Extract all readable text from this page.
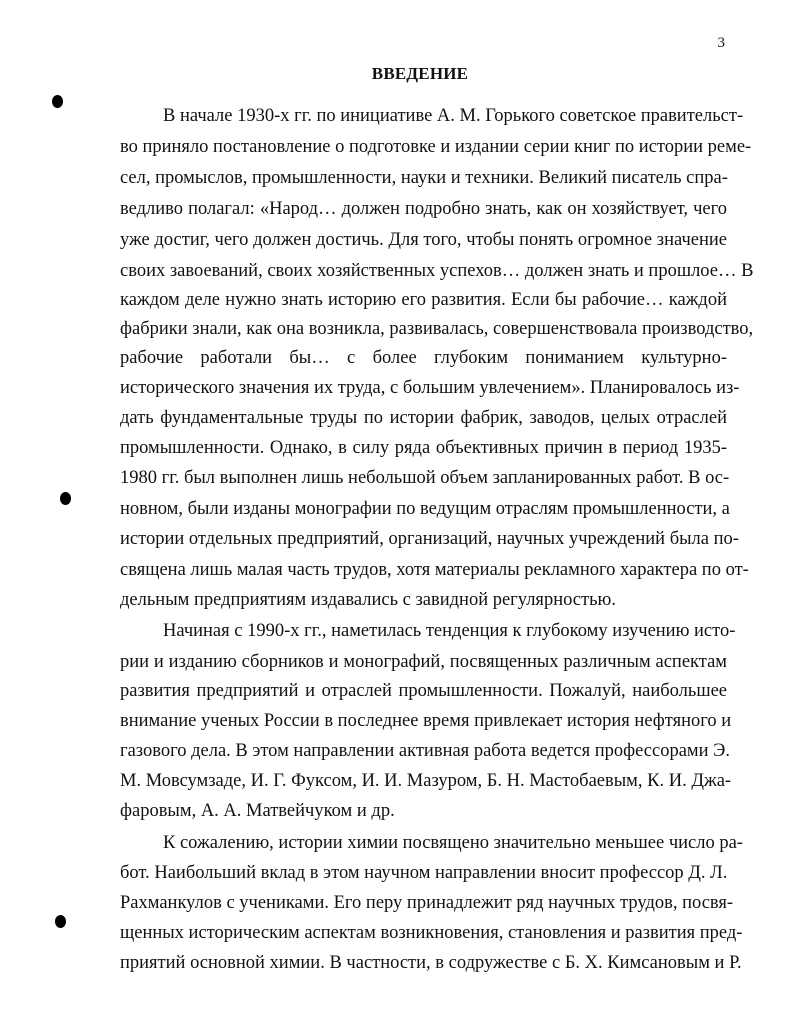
3
ВВЕДЕНИЕ
В начале 1930-х гг. по инициативе А. М. Горького советское правительст-
во приняло постановление о подготовке и издании серии книг по истории реме-
сел, промыслов, промышленности, науки и техники. Великий писатель спра-
ведливо полагал: «Народ… должен подробно знать, как он хозяйствует, чего
уже достиг, чего должен достичь. Для того, чтобы понять огромное значение
своих завоеваний, своих хозяйственных успехов… должен знать и прошлое… В
каждом деле нужно знать историю его развития. Если бы рабочие… каждой
фабрики знали, как она возникла, развивалась, совершенствовала производство,
рабочие работали бы… с более глубоким пониманием культурно-
исторического значения их труда, с большим увлечением». Планировалось из-
дать фундаментальные труды по истории фабрик, заводов, целых отраслей
промышленности. Однако, в силу ряда объективных причин в период 1935-
1980 гг. был выполнен лишь небольшой объем запланированных работ. В ос-
новном, были изданы монографии по ведущим отраслям промышленности, а
истории отдельных предприятий, организаций, научных учреждений была по-
священа лишь малая часть трудов, хотя материалы рекламного характера по от-
дельным предприятиям издавались с завидной регулярностью.
Начиная с 1990-х гг., наметилась тенденция к глубокому изучению исто-
рии и изданию сборников и монографий, посвященных различным аспектам
развития предприятий и отраслей промышленности. Пожалуй, наибольшее
внимание ученых России в последнее время привлекает история нефтяного и
газового дела. В этом направлении активная работа ведется профессорами Э.
М. Мовсумзаде, И. Г. Фуксом, И. И. Мазуром, Б. Н. Мастобаевым, К. И. Джа-
фаровым, А. А. Матвейчуком и др.
К сожалению, истории химии посвящено значительно меньшее число ра-
бот. Наибольший вклад в этом научном направлении вносит профессор Д. Л.
Рахманкулов с учениками. Его перу принадлежит ряд научных трудов, посвя-
щенных историческим аспектам возникновения, становления и развития пред-
приятий основной химии. В частности, в содружестве с Б. Х. Кимсановым и Р.
